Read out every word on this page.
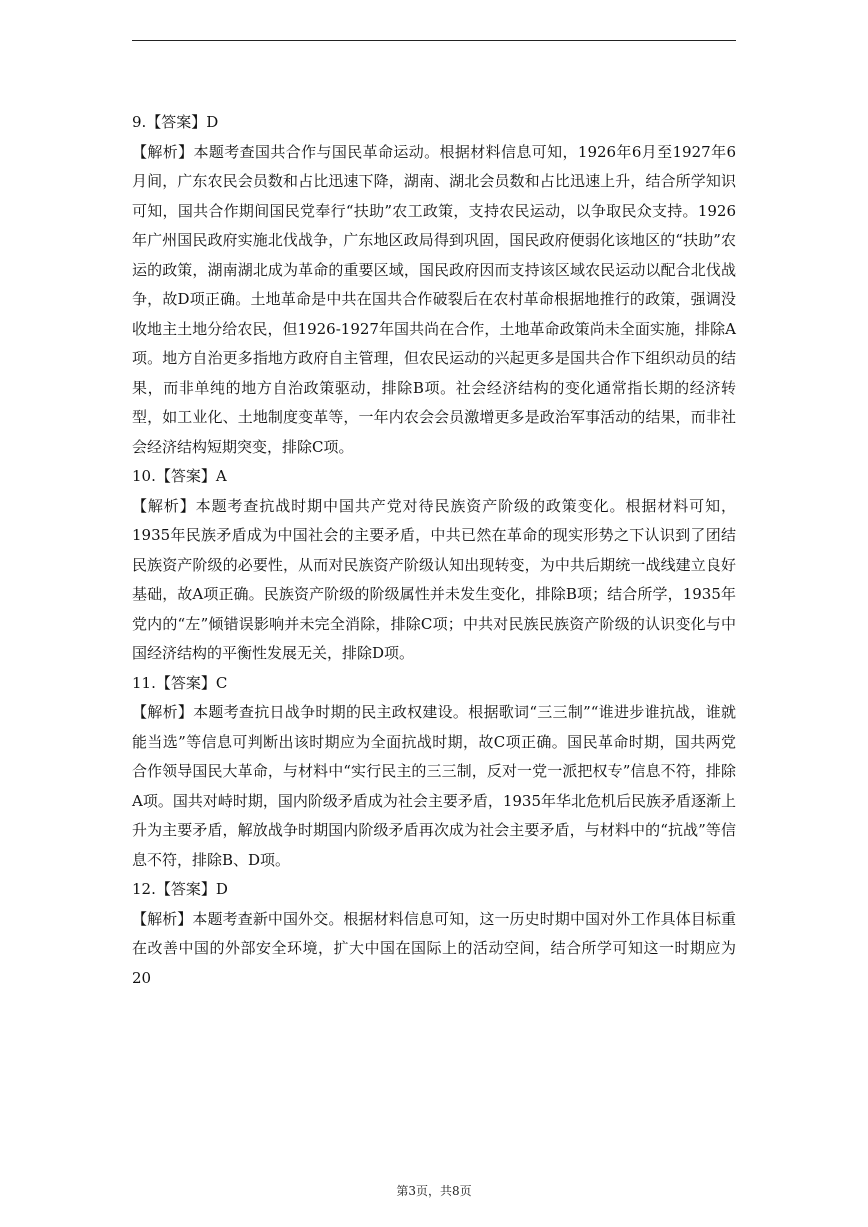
9.【答案】D

【解析】本题考查国共合作与国民革命运动。根据材料信息可知，1926年6月至1927年6月间，广东农民会员数和占比迅速下降，湖南、湖北会员数和占比迅速上升，结合所学知识可知，国共合作期间国民党奉行“扶助”农工政策，支持农民运动，以争取民众支持。1926年广州国民政府实施北伐战争，广东地区政局得到巩固，国民政府便弱化该地区的“扶助”农运的政策，湖南湖北成为革命的重要区域，国民政府因而支持该区域农民运动以配合北伐战争，故D项正确。土地革命是中共在国共合作破裂后在农村革命根据地推行的政策，强调没收地主土地分给农民，但1926-1927年国共尚在合作，土地革命政策尚未全面实施，排除A项。地方自治更多指地方政府自主管理，但农民运动的兴起更多是国共合作下组织动员的结果，而非单纯的地方自治政策驱动，排除B项。社会经济结构的变化通常指长期的经济转型，如工业化、土地制度变革等，一年内农会会员激增更多是政治军事活动的结果，而非社会经济结构短期突变，排除C项。

10.【答案】A

【解析】本题考查抗战时期中国共产党对待民族资产阶级的政策变化。根据材料可知，1935年民族矛盾成为中国社会的主要矛盾，中共已然在革命的现实形势之下认识到了团结民族资产阶级的必要性，从而对民族资产阶级认知出现转变，为中共后期统一战线建立良好基础，故A项正确。民族资产阶级的阶级属性并未发生变化，排除B项；结合所学，1935年党内的“左”倾错误影响并未完全消除，排除C项；中共对民族民族资产阶级的认识变化与中国经济结构的平衡性发展无关，排除D项。

11.【答案】C

【解析】本题考查抗日战争时期的民主政权建设。根据歌词“三三制”“谁进步谁抗战，谁就能当选”等信息可判断出该时期应为全面抗战时期，故C项正确。国民革命时期，国共两党合作领导国民大革命，与材料中“实行民主的三三制，反对一党一派把权专”信息不符，排除A项。国共对峙时期，国内阶级矛盾成为社会主要矛盾，1935年华北危机后民族矛盾逐渐上升为主要矛盾，解放战争时期国内阶级矛盾再次成为社会主要矛盾，与材料中的“抗战”等信息不符，排除B、D项。

12.【答案】D

【解析】本题考查新中国外交。根据材料信息可知，这一历史时期中国对外工作具体目标重在改善中国的外部安全环境，扩大中国在国际上的活动空间，结合所学可知这一时期应为20

第3页，共8页
